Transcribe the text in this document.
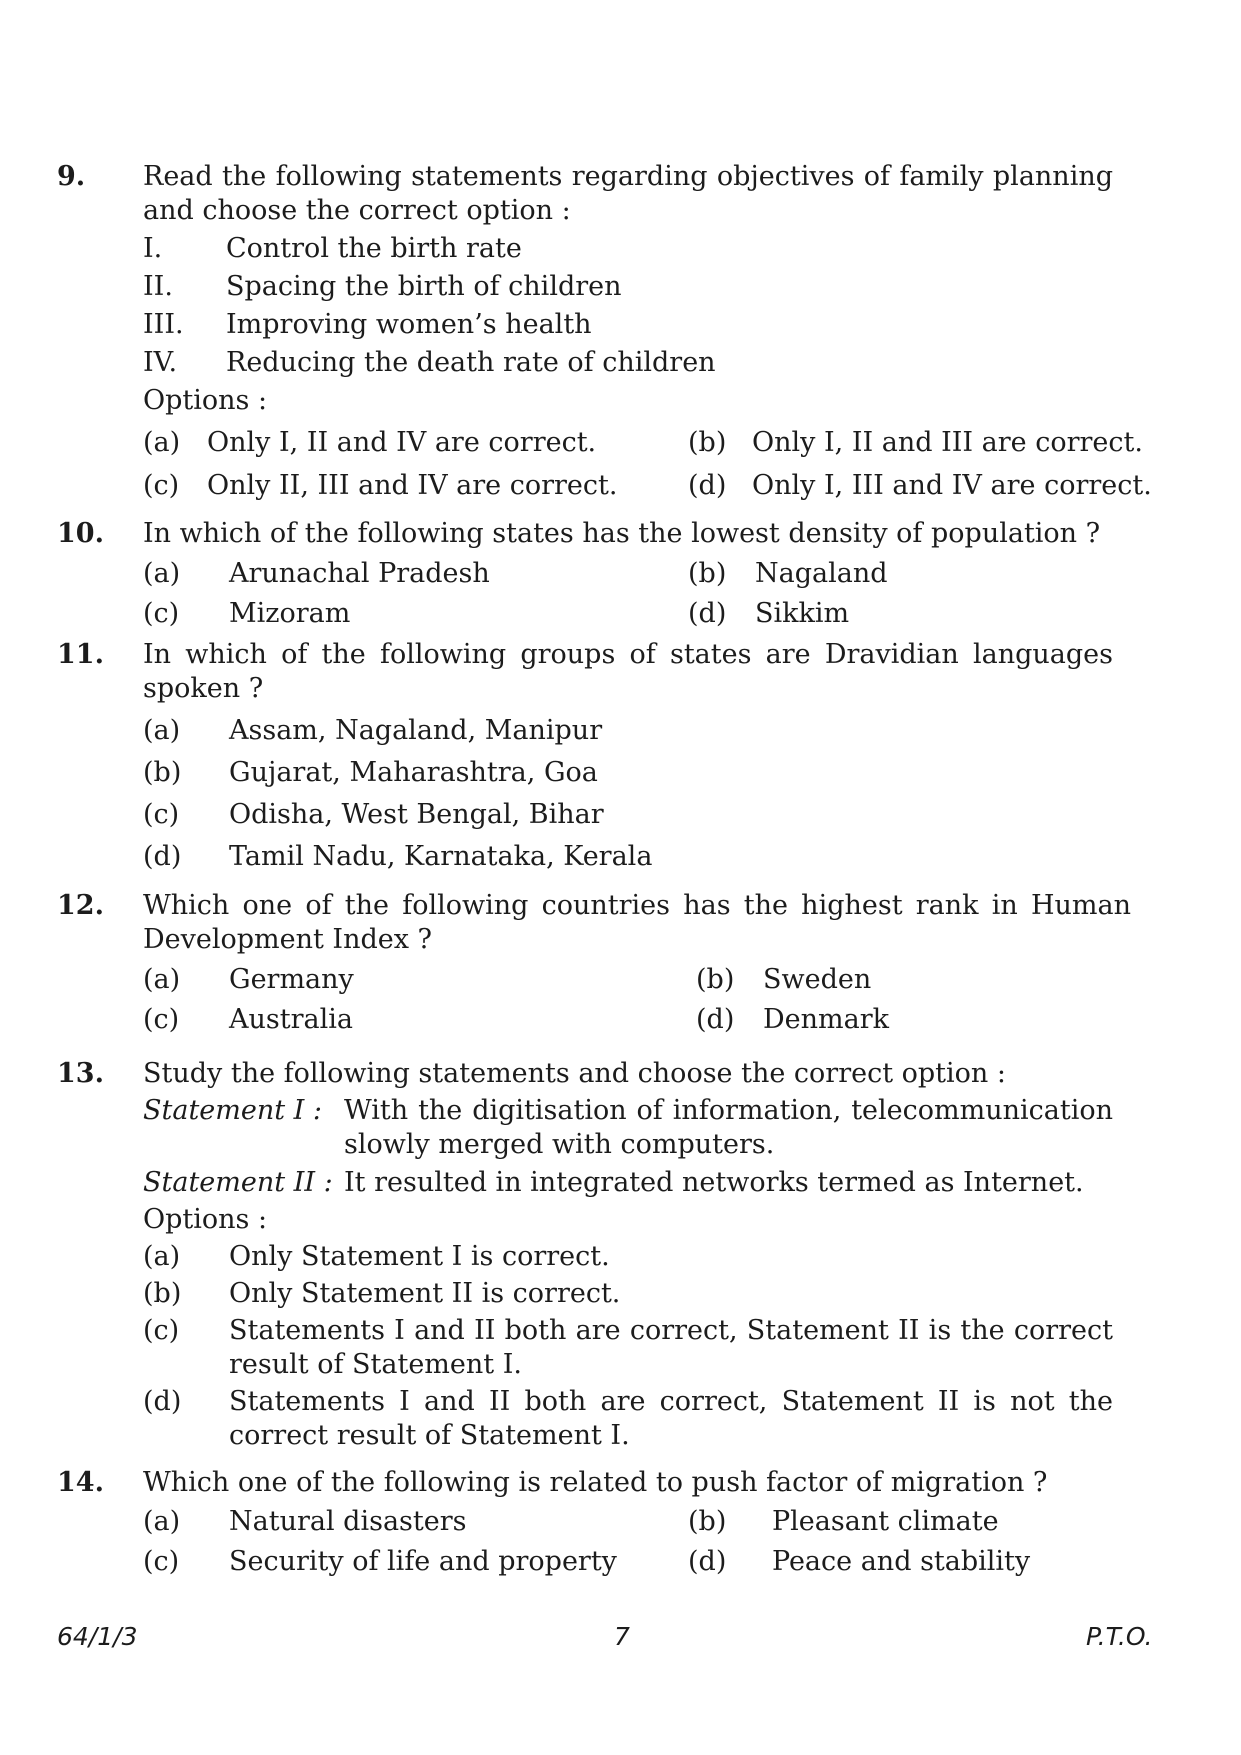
9. Read the following statements regarding objectives of family planning
and choose the correct option :
I. Control the birth rate
II. Spacing the birth of children
III. Improving women’s health
IV. Reducing the death rate of children
Options :
(a) Only I, II and IV are correct.	(b) Only I, II and III are correct.
(c) Only II, III and IV are correct.	(d) Only I, III and IV are correct.
10. In which of the following states has the lowest density of population ?
(a) Arunachal Pradesh	(b) Nagaland
(c) Mizoram	(d) Sikkim
11. In which of the following groups of states are Dravidian languages
spoken ?
(a) Assam, Nagaland, Manipur
(b) Gujarat, Maharashtra, Goa
(c) Odisha, West Bengal, Bihar
(d) Tamil Nadu, Karnataka, Kerala
12. Which one of the following countries has the highest rank in Human
Development Index ?
(a) Germany	(b) Sweden
(c) Australia	(d) Denmark
13. Study the following statements and choose the correct option :
Statement I : With the digitisation of information, telecommunication
slowly merged with computers.
Statement II : It resulted in integrated networks termed as Internet.
Options :
(a) Only Statement I is correct.
(b) Only Statement II is correct.
(c) Statements I and II both are correct, Statement II is the correct
result of Statement I.
(d) Statements I and II both are correct, Statement II is not the
correct result of Statement I.
14. Which one of the following is related to push factor of migration ?
(a) Natural disasters	(b) Pleasant climate
(c) Security of life and property	(d) Peace and stability
64/1/3	7	P.T.O.
